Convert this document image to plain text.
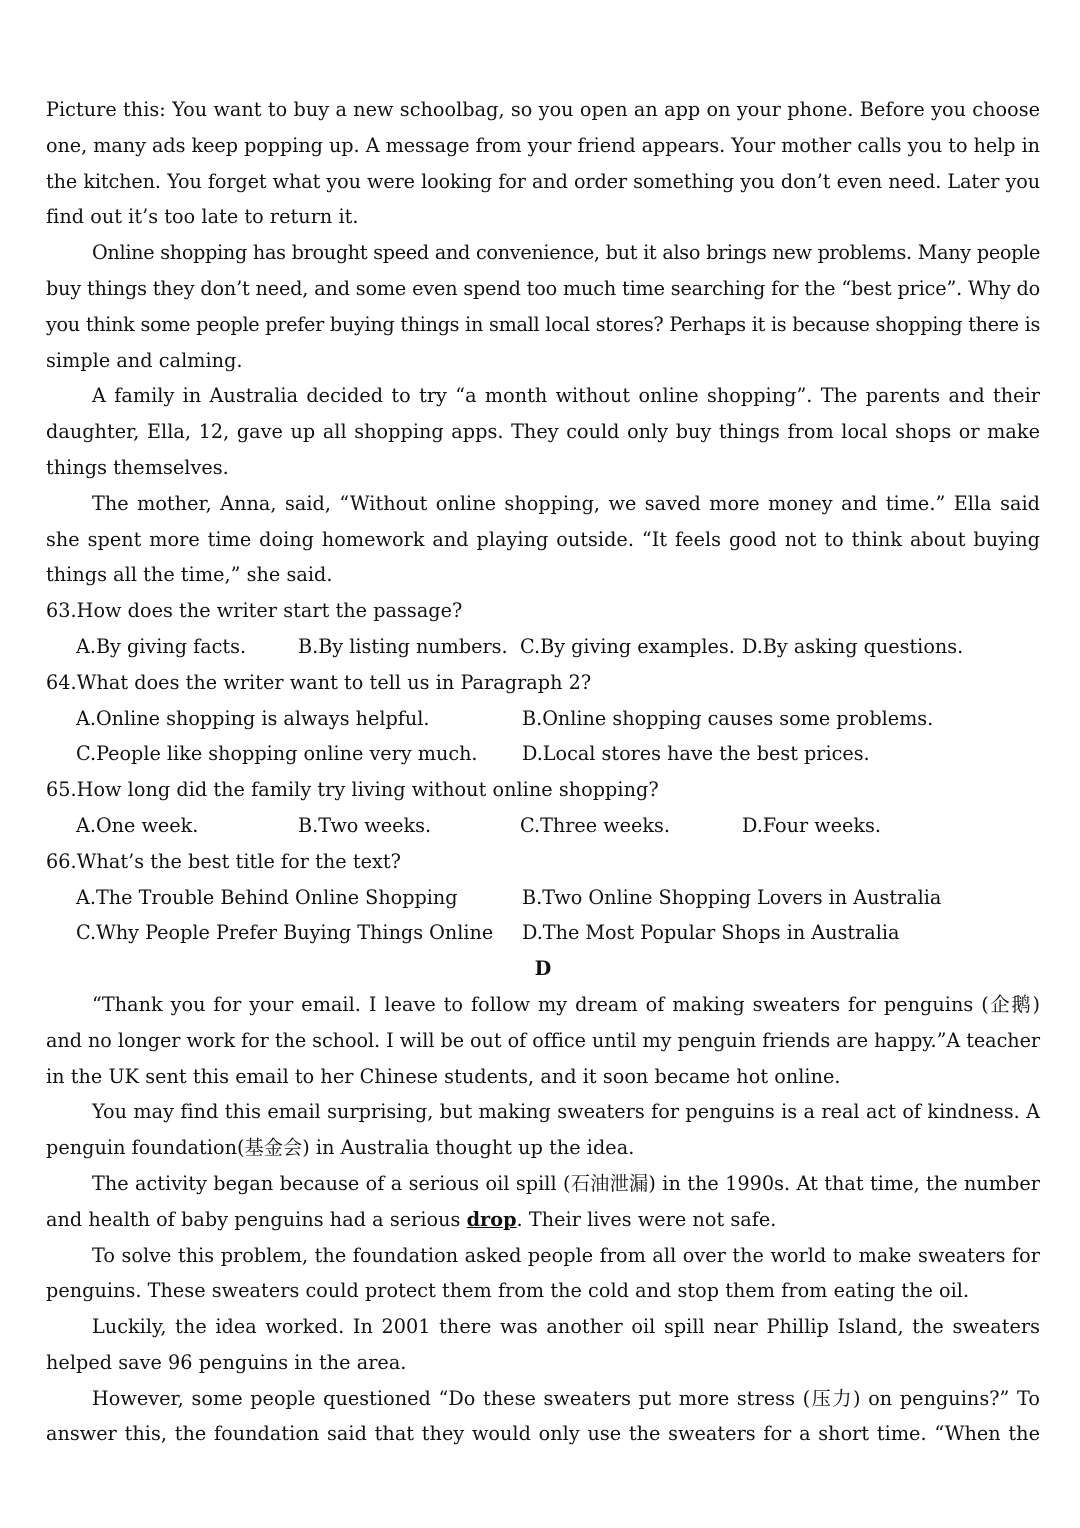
Picture this: You want to buy a new schoolbag, so you open an app on your phone. Before you choose
one, many ads keep popping up. A message from your friend appears. Your mother calls you to help in
the kitchen. You forget what you were looking for and order something you don’t even need. Later you
find out it’s too late to return it.
Online shopping has brought speed and convenience, but it also brings new problems. Many people
buy things they don’t need, and some even spend too much time searching for the “best price”. Why do
you think some people prefer buying things in small local stores? Perhaps it is because shopping there is
simple and calming.
A family in Australia decided to try “a month without online shopping”. The parents and their
daughter, Ella, 12, gave up all shopping apps. They could only buy things from local shops or make
things themselves.
The mother, Anna, said, “Without online shopping, we saved more money and time.” Ella said
she spent more time doing homework and playing outside. “It feels good not to think about buying
things all the time,” she said.
63.How does the writer start the passage?
A.By giving facts.	B.By listing numbers. C.By giving examples. D.By asking questions.
64.What does the writer want to tell us in Paragraph 2?
A.Online shopping is always helpful.	B.Online shopping causes some problems.
C.People like shopping online very much.	D.Local stores have the best prices.
65.How long did the family try living without online shopping?
A.One week.	B.Two weeks.	C.Three weeks.	D.Four weeks.
66.What’s the best title for the text?
A.The Trouble Behind Online Shopping	B.Two Online Shopping Lovers in Australia
C.Why People Prefer Buying Things Online	D.The Most Popular Shops in Australia
D
“Thank you for your email. I leave to follow my dream of making sweaters for penguins (企鹅)
and no longer work for the school. I will be out of office until my penguin friends are happy.”A teacher
in the UK sent this email to her Chinese students, and it soon became hot online.
You may find this email surprising, but making sweaters for penguins is a real act of kindness. A
penguin foundation(基金会) in Australia thought up the idea.
The activity began because of a serious oil spill (石油泄漏) in the 1990s. At that time, the number
and health of baby penguins had a serious drop. Their lives were not safe.
To solve this problem, the foundation asked people from all over the world to make sweaters for
penguins. These sweaters could protect them from the cold and stop them from eating the oil.
Luckily, the idea worked. In 2001 there was another oil spill near Phillip Island, the sweaters
helped save 96 penguins in the area.
However, some people questioned “Do these sweaters put more stress (压力) on penguins?” To
answer this, the foundation said that they would only use the sweaters for a short time. “When the
